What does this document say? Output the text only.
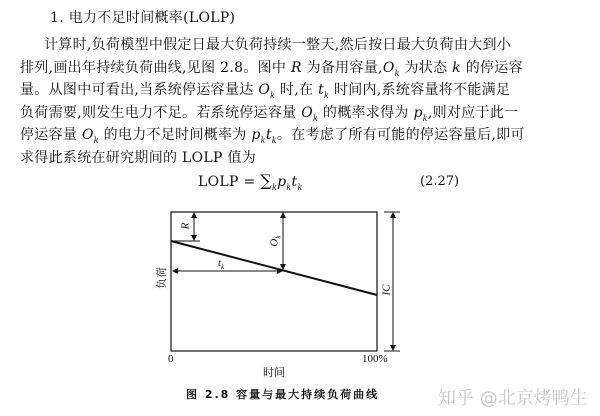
1. 电力不足时间概率(LOLP)
计算时,负荷模型中假定日最大负荷持续一整天,然后按日最大负荷由大到小
排列,画出年持续负荷曲线,见图 2.8。图中 R 为备用容量$,O_k$ 为状态 k 的停运容
量。从图中可看出,当系统停运容量达 $O_k$ 时,在 $t_k$ 时间内,系统容量将不能满足
负荷需要,则发生电力不足。若系统停运容量 $O_k$ 的概率求得为 $p_k$,则对应于此一
停运容量 $O_k$ 的电力不足时间概率为 $p_kt_k$。在考虑了所有可能的停运容量后,即可
求得此系统在研究期间的 LOLP 值为
LOLP = $\sum_kp_kt_k$	(2.27)
R
$O_k$
$t_k$
IC
负荷
0	100%
时间
图 2.8 容量与最大持续负荷曲线	知乎 @北京烤鸭生
